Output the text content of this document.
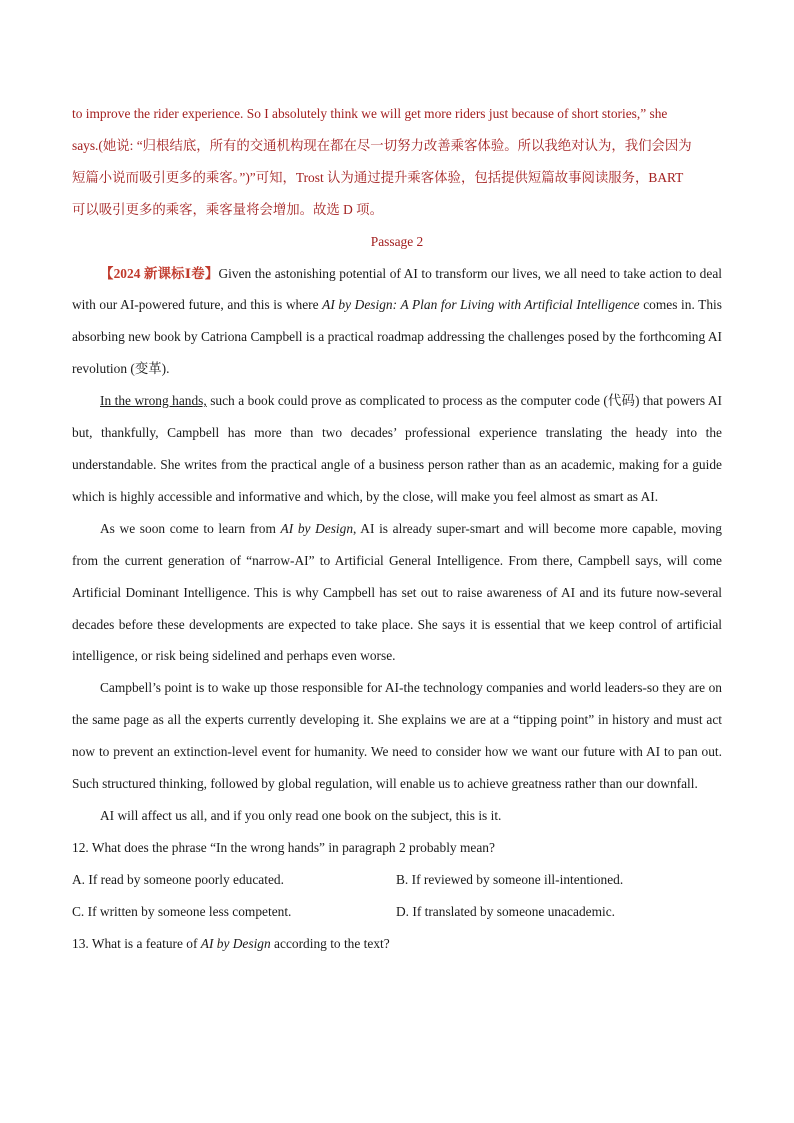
to improve the rider experience. So I absolutely think we will get more riders just because of short stories,” she

says.(她说: “归根结底，所有的交通机构现在都在尽一切努力改善乘客体验。所以我绝对认为，我们会因为

短篇小说而吸引更多的乘客。”)”可知，Trost 认为通过提升乘客体验，包括提供短篇故事阅读服务，BART

可以吸引更多的乘客，乘客量将会增加。故选 D 项。

Passage 2

【2024 新课标Ⅰ卷】Given the astonishing potential of AI to transform our lives, we all need to take action to deal with our AI-powered future, and this is where AI by Design: A Plan for Living with Artificial Intelligence comes in. This absorbing new book by Catriona Campbell is a practical roadmap addressing the challenges posed by the forthcoming AI revolution (变革).

In the wrong hands, such a book could prove as complicated to process as the computer code (代码) that powers AI but, thankfully, Campbell has more than two decades’ professional experience translating the heady into the understandable. She writes from the practical angle of a business person rather than as an academic, making for a guide which is highly accessible and informative and which, by the close, will make you feel almost as smart as AI.

As we soon come to learn from AI by Design, AI is already super-smart and will become more capable, moving from the current generation of “narrow-AI” to Artificial General Intelligence. From there, Campbell says, will come Artificial Dominant Intelligence. This is why Campbell has set out to raise awareness of AI and its future now-several decades before these developments are expected to take place. She says it is essential that we keep control of artificial intelligence, or risk being sidelined and perhaps even worse.

Campbell’s point is to wake up those responsible for AI-the technology companies and world leaders-so they are on the same page as all the experts currently developing it. She explains we are at a “tipping point” in history and must act now to prevent an extinction-level event for humanity. We need to consider how we want our future with AI to pan out. Such structured thinking, followed by global regulation, will enable us to achieve greatness rather than our downfall.

AI will affect us all, and if you only read one book on the subject, this is it.

12. What does the phrase “In the wrong hands” in paragraph 2 probably mean?

A. If read by someone poorly educated.	B. If reviewed by someone ill-intentioned.
C. If written by someone less competent.	D. If translated by someone unacademic.

13. What is a feature of AI by Design according to the text?
